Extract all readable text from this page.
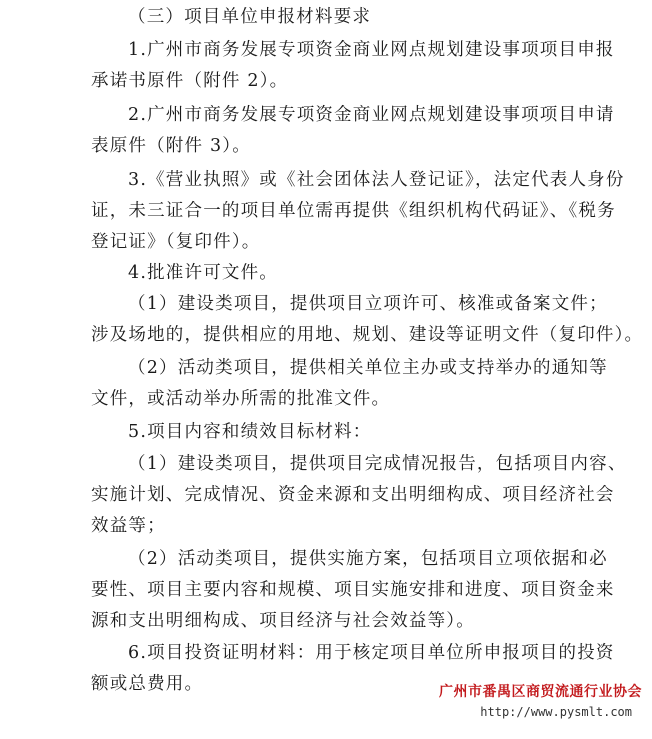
（三）项目单位申报材料要求
1.广州市商务发展专项资金商业网点规划建设事项项目申报
承诺书原件（附件 2）。
2.广州市商务发展专项资金商业网点规划建设事项项目申请
表原件（附件 3）。
3.《营业执照》或《社会团体法人登记证》，法定代表人身份
证，未三证合一的项目单位需再提供《组织机构代码证》、《税务
登记证》（复印件）。
4.批准许可文件。
（1）建设类项目，提供项目立项许可、核准或备案文件；
涉及场地的，提供相应的用地、规划、建设等证明文件（复印件）。
（2）活动类项目，提供相关单位主办或支持举办的通知等
文件，或活动举办所需的批准文件。
5.项目内容和绩效目标材料：
（1）建设类项目，提供项目完成情况报告，包括项目内容、
实施计划、完成情况、资金来源和支出明细构成、项目经济社会
效益等；
（2）活动类项目，提供实施方案，包括项目立项依据和必
要性、项目主要内容和规模、项目实施安排和进度、项目资金来
源和支出明细构成、项目经济与社会效益等）。
6.项目投资证明材料：用于核定项目单位所申报项目的投资
额或总费用。	广州市番禺区商贸流通行业协会
http://www.pysmlt.com
